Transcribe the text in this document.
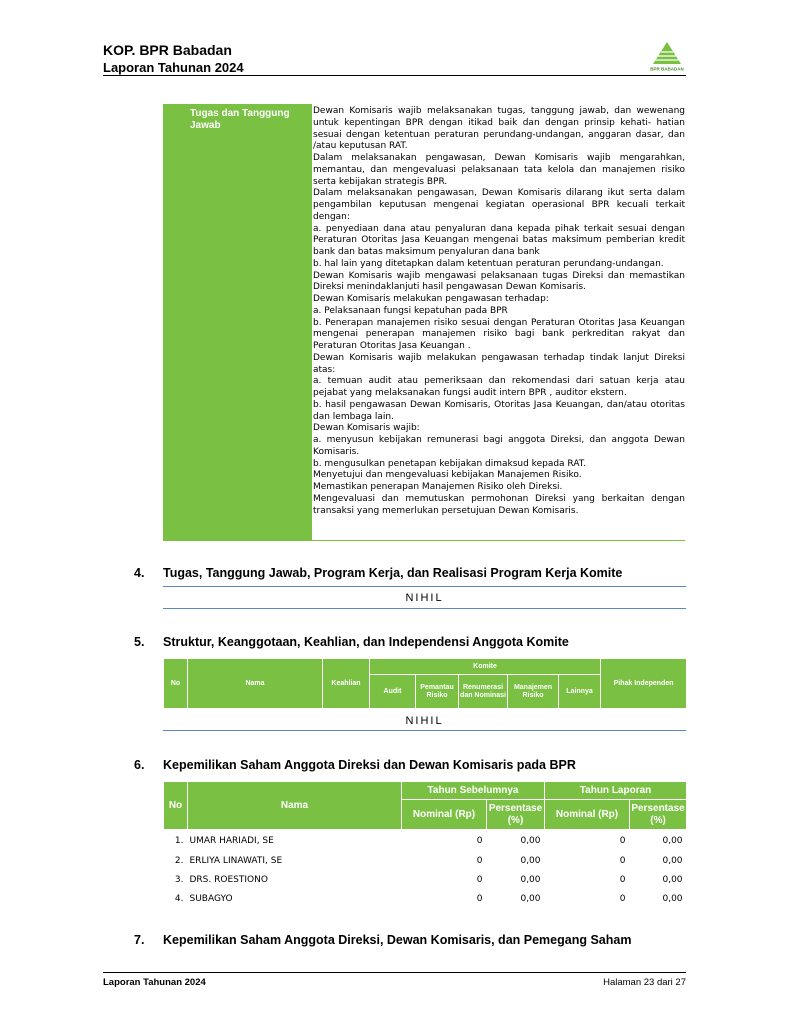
KOP. BPR Babadan
Laporan Tahunan 2024	BPR BABADAN
Tugas dan Tanggung Jawab

Dewan Komisaris wajib melaksanakan tugas, tanggung jawab, dan wewenang untuk kepentingan BPR dengan itikad baik dan dengan prinsip kehati- hatian sesuai dengan ketentuan peraturan perundang-undangan, anggaran dasar, dan /atau keputusan RAT.

Dalam melaksanakan pengawasan, Dewan Komisaris wajib mengarahkan, memantau, dan mengevaluasi pelaksanaan tata kelola dan manajemen risiko serta kebijakan strategis BPR.

Dalam melaksanakan pengawasan, Dewan Komisaris dilarang ikut serta dalam pengambilan keputusan mengenai kegiatan operasional BPR kecuali terkait dengan:

a. penyediaan dana atau penyaluran dana kepada pihak terkait sesuai dengan Peraturan Otoritas Jasa Keuangan mengenai batas maksimum pemberian kredit bank dan batas maksimum penyaluran dana bank

b. hal lain yang ditetapkan dalam ketentuan peraturan perundang-undangan.

Dewan Komisaris wajib mengawasi pelaksanaan tugas Direksi dan memastikan Direksi menindaklanjuti hasil pengawasan Dewan Komisaris.

Dewan Komisaris melakukan pengawasan terhadap:

a. Pelaksanaan fungsi kepatuhan pada BPR

b. Penerapan manajemen risiko sesuai dengan Peraturan Otoritas Jasa Keuangan mengenai penerapan manajemen risiko bagi bank perkreditan rakyat dan Peraturan Otoritas Jasa Keuangan .

Dewan Komisaris wajib melakukan pengawasan terhadap tindak lanjut Direksi atas:

a. temuan audit atau pemeriksaan dan rekomendasi dari satuan kerja atau pejabat yang melaksanakan fungsi audit intern BPR , auditor ekstern.

b. hasil pengawasan Dewan Komisaris, Otoritas Jasa Keuangan, dan/atau otoritas dan lembaga lain.

Dewan Komisaris wajib:

a. menyusun kebijakan remunerasi bagi anggota Direksi, dan anggota Dewan Komisaris.

b. mengusulkan penetapan kebijakan dimaksud kepada RAT.

Menyetujui dan mengevaluasi kebijakan Manajemen Risiko.

Memastikan penerapan Manajemen Risiko oleh Direksi.

Mengevaluasi dan memutuskan permohonan Direksi yang berkaitan dengan transaksi yang memerlukan persetujuan Dewan Komisaris.

4. Tugas, Tanggung Jawab, Program Kerja, dan Realisasi Program Kerja Komite
NIHIL
5. Struktur, Keanggotaan, Keahlian, dan Independensi Anggota Komite
No	Nama	Keahlian	Komite					Pihak Independen
			Audit	Pemantau Risiko	Renumerasi dan Nominasi	Manajemen Risiko	Lainnya	
NIHIL
6. Kepemilikan Saham Anggota Direksi dan Dewan Komisaris pada BPR
No	Nama	Tahun Sebelumnya		Tahun Laporan	
		Nominal (Rp)	Persentase (%)	Nominal (Rp)	Persentase (%)
1.	UMAR HARIADI, SE	0	0,00	0	0,00
2.	ERLIYA LINAWATI, SE	0	0,00	0	0,00
3.	DRS. ROESTIONO	0	0,00	0	0,00
4.	SUBAGYO	0	0,00	0	0,00
7. Kepemilikan Saham Anggota Direksi, Dewan Komisaris, dan Pemegang Saham
Laporan Tahunan 2024	Halaman 23 dari 27
